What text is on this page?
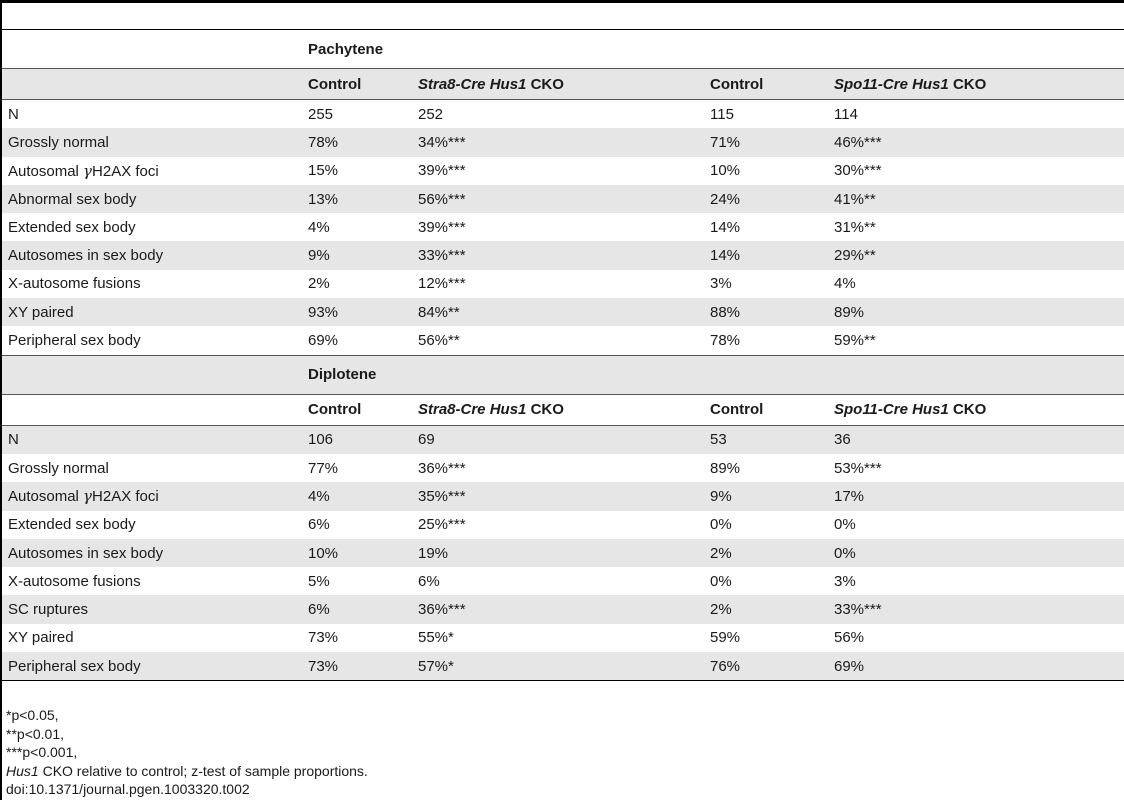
	Pachytene			
	Control	Stra8-Cre Hus1 CKO	Control	Spo11-Cre Hus1 CKO
N	255	252	115	114
Grossly normal	78%	34%***	71%	46%***
Autosomal γH2AX foci	15%	39%***	10%	30%***
Abnormal sex body	13%	56%***	24%	41%**
Extended sex body	4%	39%***	14%	31%**
Autosomes in sex body	9%	33%***	14%	29%**
X-autosome fusions	2%	12%***	3%	4%
XY paired	93%	84%**	88%	89%
Peripheral sex body	69%	56%**	78%	59%**
	Diplotene			
	Control	Stra8-Cre Hus1 CKO	Control	Spo11-Cre Hus1 CKO
N	106	69	53	36
Grossly normal	77%	36%***	89%	53%***
Autosomal γH2AX foci	4%	35%***	9%	17%
Extended sex body	6%	25%***	0%	0%
Autosomes in sex body	10%	19%	2%	0%
X-autosome fusions	5%	6%	0%	3%
SC ruptures	6%	36%***	2%	33%***
XY paired	73%	55%*	59%	56%
Peripheral sex body	73%	57%*	76%	69%
*p<0.05,
**p<0.01,
***p<0.001,
Hus1 CKO relative to control; z-test of sample proportions.
doi:10.1371/journal.pgen.1003320.t002
